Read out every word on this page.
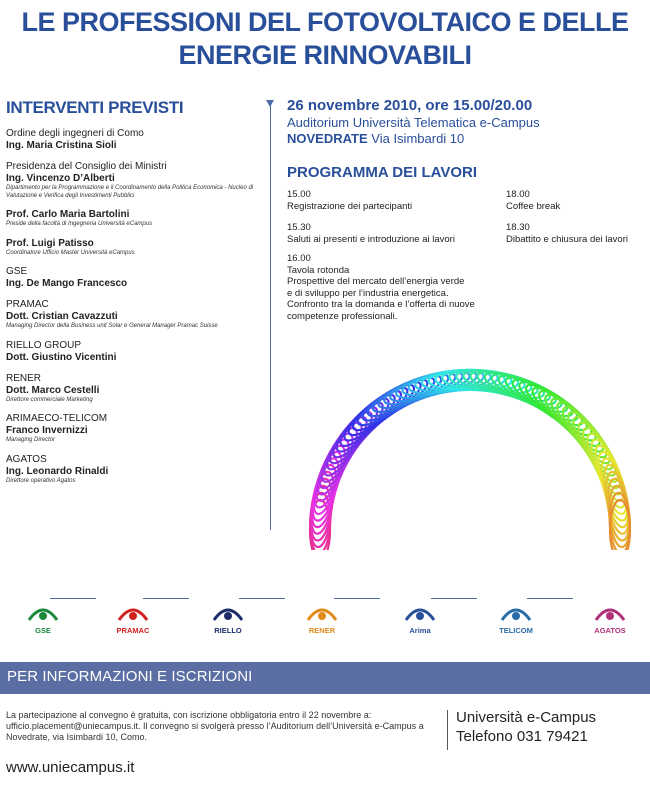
LE PROFESSIONI DEL FOTOVOLTAICO E DELLE
ENERGIE RINNOVABILI
INTERVENTI PREVISTI
Ordine degli ingegneri di Como
Ing. Maria Cristina Sioli
Presidenza del Consiglio dei Ministri
Ing. Vincenzo D’Alberti
Dipartimento per la Programmazione e il Coordinamento della Politica Economica - Nucleo di Valutazione e Verifica degli Investimenti Pubblici
Prof. Carlo Maria Bartolini
Preside della facoltà di Ingegneria Università eCampus
Prof. Luigi Patisso
Coordinatore Ufficio Master Università eCampus
GSE
Ing. De Mango Francesco
PRAMAC
Dott. Cristian Cavazzuti
Managing Director della Business unit Solar e General Manager Pramac Suisse
RIELLO GROUP
Dott. Giustino Vicentini
RENER
Dott. Marco Cestelli
Direttore commerciale Marketing
ARIMAECO-TELICOM
Franco Invernizzi
Managing Director
AGATOS
Ing. Leonardo Rinaldi
Direttore operativo Agatos
26 novembre 2010, ore 15.00/20.00
Auditorium Università Telematica e-Campus
NOVEDRATE Via Isimbardi 10
PROGRAMMA DEI LAVORI
15.00
Registrazione dei partecipanti
15.30
Saluti ai presenti e introduzione ai lavori
16.00
Tavola rotonda
Prospettive del mercato dell’energia verde
e di sviluppo per l’industria energetica.
Confronto tra la domanda e l’offerta di nuove
competenze professionali.
18.00
Coffee break
18.30
Dibattito e chiusura dei lavori
GSE	PRAMAC	RIELLO	RENER	Arima	TELICOM	AGATOS
PER INFORMAZIONI E ISCRIZIONI
La partecipazione al convegno è gratuita, con iscrizione obbligatoria entro il 22 novembre a: ufficio.placement@uniecampus.it. Il convegno si svolgerà presso l’Auditorium dell’Università e-Campus a Novedrate, via Isimbardi 10, Como.
www.uniecampus.it
Università e-Campus
Telefono 031 79421
